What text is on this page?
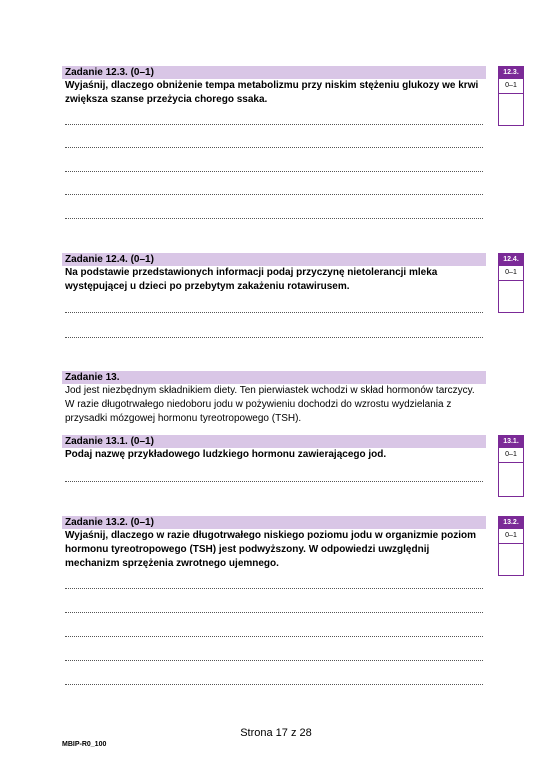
Zadanie 12.3. (0–1)

Wyjaśnij, dlaczego obniżenie tempa metabolizmu przy niskim stężeniu glukozy we krwi zwiększa szanse przeżycia chorego ssaka.

12.3.
0–1
Zadanie 12.4. (0–1)

Na podstawie przedstawionych informacji podaj przyczynę nietolerancji mleka występującej u dzieci po przebytym zakażeniu rotawirusem.

12.4.
0–1
Zadanie 13.

Jod jest niezbędnym składnikiem diety. Ten pierwiastek wchodzi w skład hormonów tarczycy. W razie długotrwałego niedoboru jodu w pożywieniu dochodzi do wzrostu wydzielania z przysadki mózgowej hormonu tyreotropowego (TSH).

Zadanie 13.1. (0–1)

Podaj nazwę przykładowego ludzkiego hormonu zawierającego jod.

13.1.
0–1
Zadanie 13.2. (0–1)

Wyjaśnij, dlaczego w razie długotrwałego niskiego poziomu jodu w organizmie poziom hormonu tyreotropowego (TSH) jest podwyższony. W odpowiedzi uwzględnij mechanizm sprzężenia zwrotnego ujemnego.

13.2.
0–1
Strona 17 z 28
MBIP-R0_100
